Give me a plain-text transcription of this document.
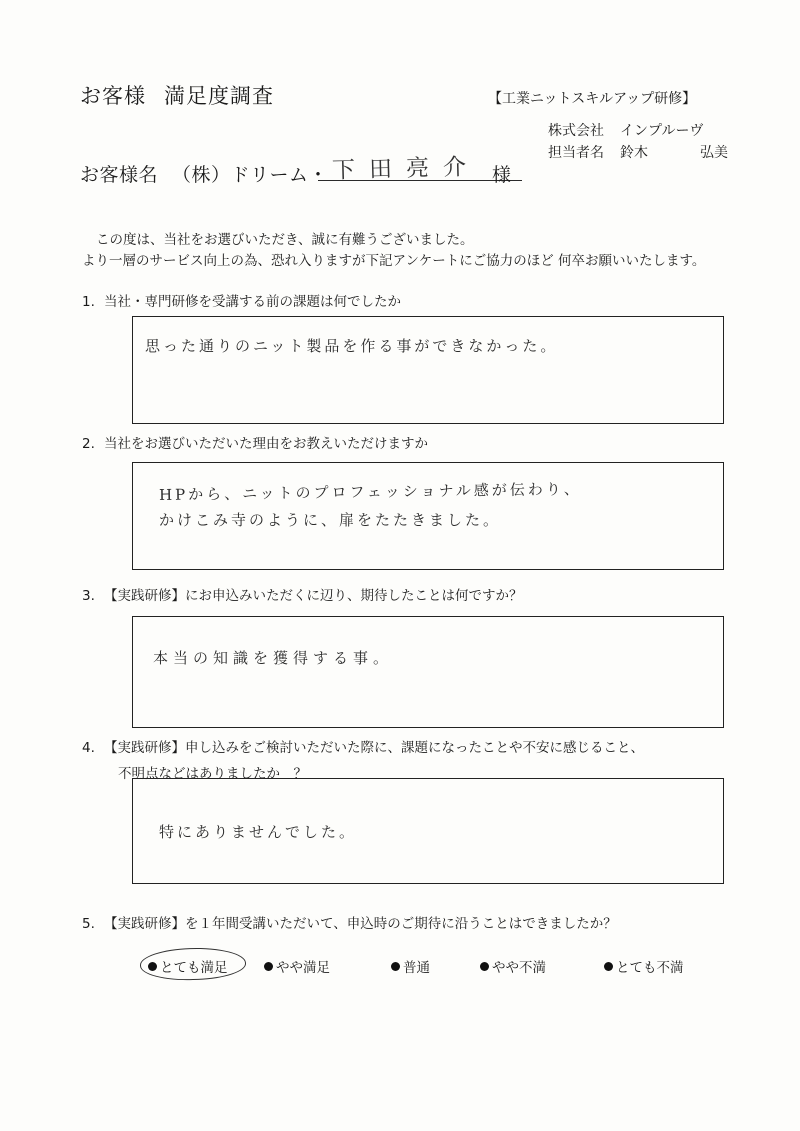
お客様 満足度調査	【工業ニットスキルアップ研修】
株式会社 インプルーヴ
担当者名 鈴木	弘美
お客様名 （株）ドリーム・ 下田亮介 様
この度は、当社をお選びいただき、誠に有難うございました。
より一層のサービス向上の為、恐れ入りますが下記アンケートにご協力のほど 何卒お願いいたします。
1. 当社・専門研修を受講する前の課題は何でしたか
思った通りのニット製品を作る事ができなかった。
2. 当社をお選びいただいた理由をお教えいただけますか
HPから、ニットのプロフェッショナル感が伝わり、
かけこみ寺のように、扉をたたきました。
3. 【実践研修】にお申込みいただくに辺り、期待したことは何ですか？
本当の知識を獲得する事。
4. 【実践研修】申し込みをご検討いただいた際に、課題になったことや不安に感じること、
不明点などはありましたか　？
特にありませんでした。
5. 【実践研修】を１年間受講いただいて、申込時のご期待に沿うことはできましたか？
とても満足	やや満足	普通	やや不満	とても不満
